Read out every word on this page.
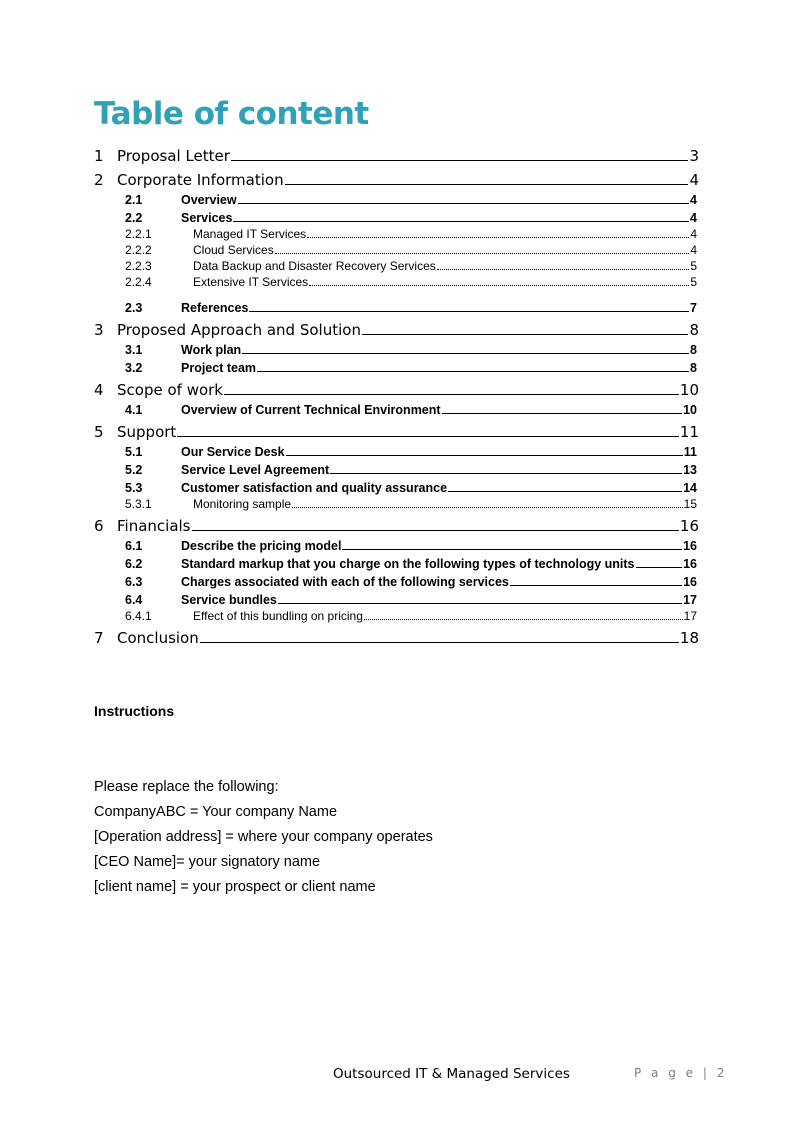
Table of content
1 Proposal Letter	3
2 Corporate Information	4
2.1	Overview	4
2.2	Services	4
2.2.1	Managed IT Services	4
2.2.2	Cloud Services	4
2.2.3	Data Backup and Disaster Recovery Services	5
2.2.4	Extensive IT Services	5
2.3	References	7
3 Proposed Approach and Solution	8
3.1	Work plan	8
3.2	Project team	8
4 Scope of work	10
4.1	Overview of Current Technical Environment	10
5 Support	11
5.1	Our Service Desk	11
5.2	Service Level Agreement	13
5.3	Customer satisfaction and quality assurance	14
5.3.1	Monitoring sample	15
6 Financials	16
6.1	Describe the pricing model	16
6.2	Standard markup that you charge on the following types of technology units	16
6.3	Charges associated with each of the following services	16
6.4	Service bundles	17
6.4.1	Effect of this bundling on pricing	17
7 Conclusion	18
Instructions

Please replace the following:

CompanyABC = Your company Name

[Operation address] = where your company operates

[CEO Name]= your signatory name

[client name] = your prospect or client name

Outsourced IT & Managed Services	P a g e | 2
